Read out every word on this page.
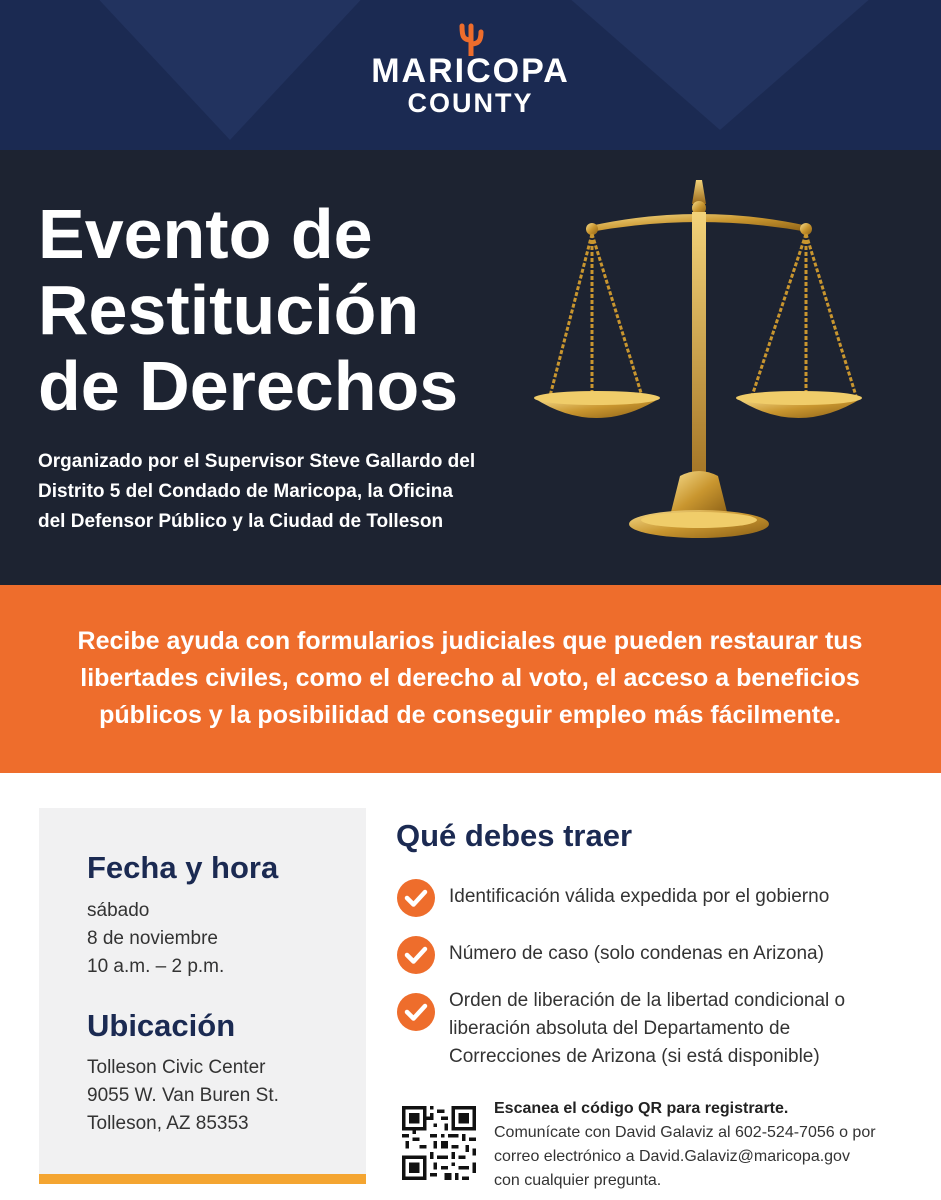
MARICOPA
COUNTY
Evento de
Restitución
de Derechos

Organizado por el Supervisor Steve Gallardo del
Distrito 5 del Condado de Maricopa, la Oficina
del Defensor Público y la Ciudad de Tolleson

Recibe ayuda con formularios judiciales que pueden restaurar tus libertades civiles, como el derecho al voto, el acceso a beneficios públicos y la posibilidad de conseguir empleo más fácilmente.

Fecha y hora
sábado
8 de noviembre
10 a.m. – 2 p.m.
Ubicación
Tolleson Civic Center
9055 W. Van Buren St.
Tolleson, AZ 85353
Qué debes traer
Identificación válida expedida por el gobierno
Número de caso (solo condenas en Arizona)
Orden de liberación de la libertad condicional o liberación absoluta del Departamento de Correcciones de Arizona (si está disponible)
Escanea el código QR para registrarte.
Comunícate con David Galaviz al 602-524-7056 o por
correo electrónico a David.Galaviz@maricopa.gov
con cualquier pregunta.
